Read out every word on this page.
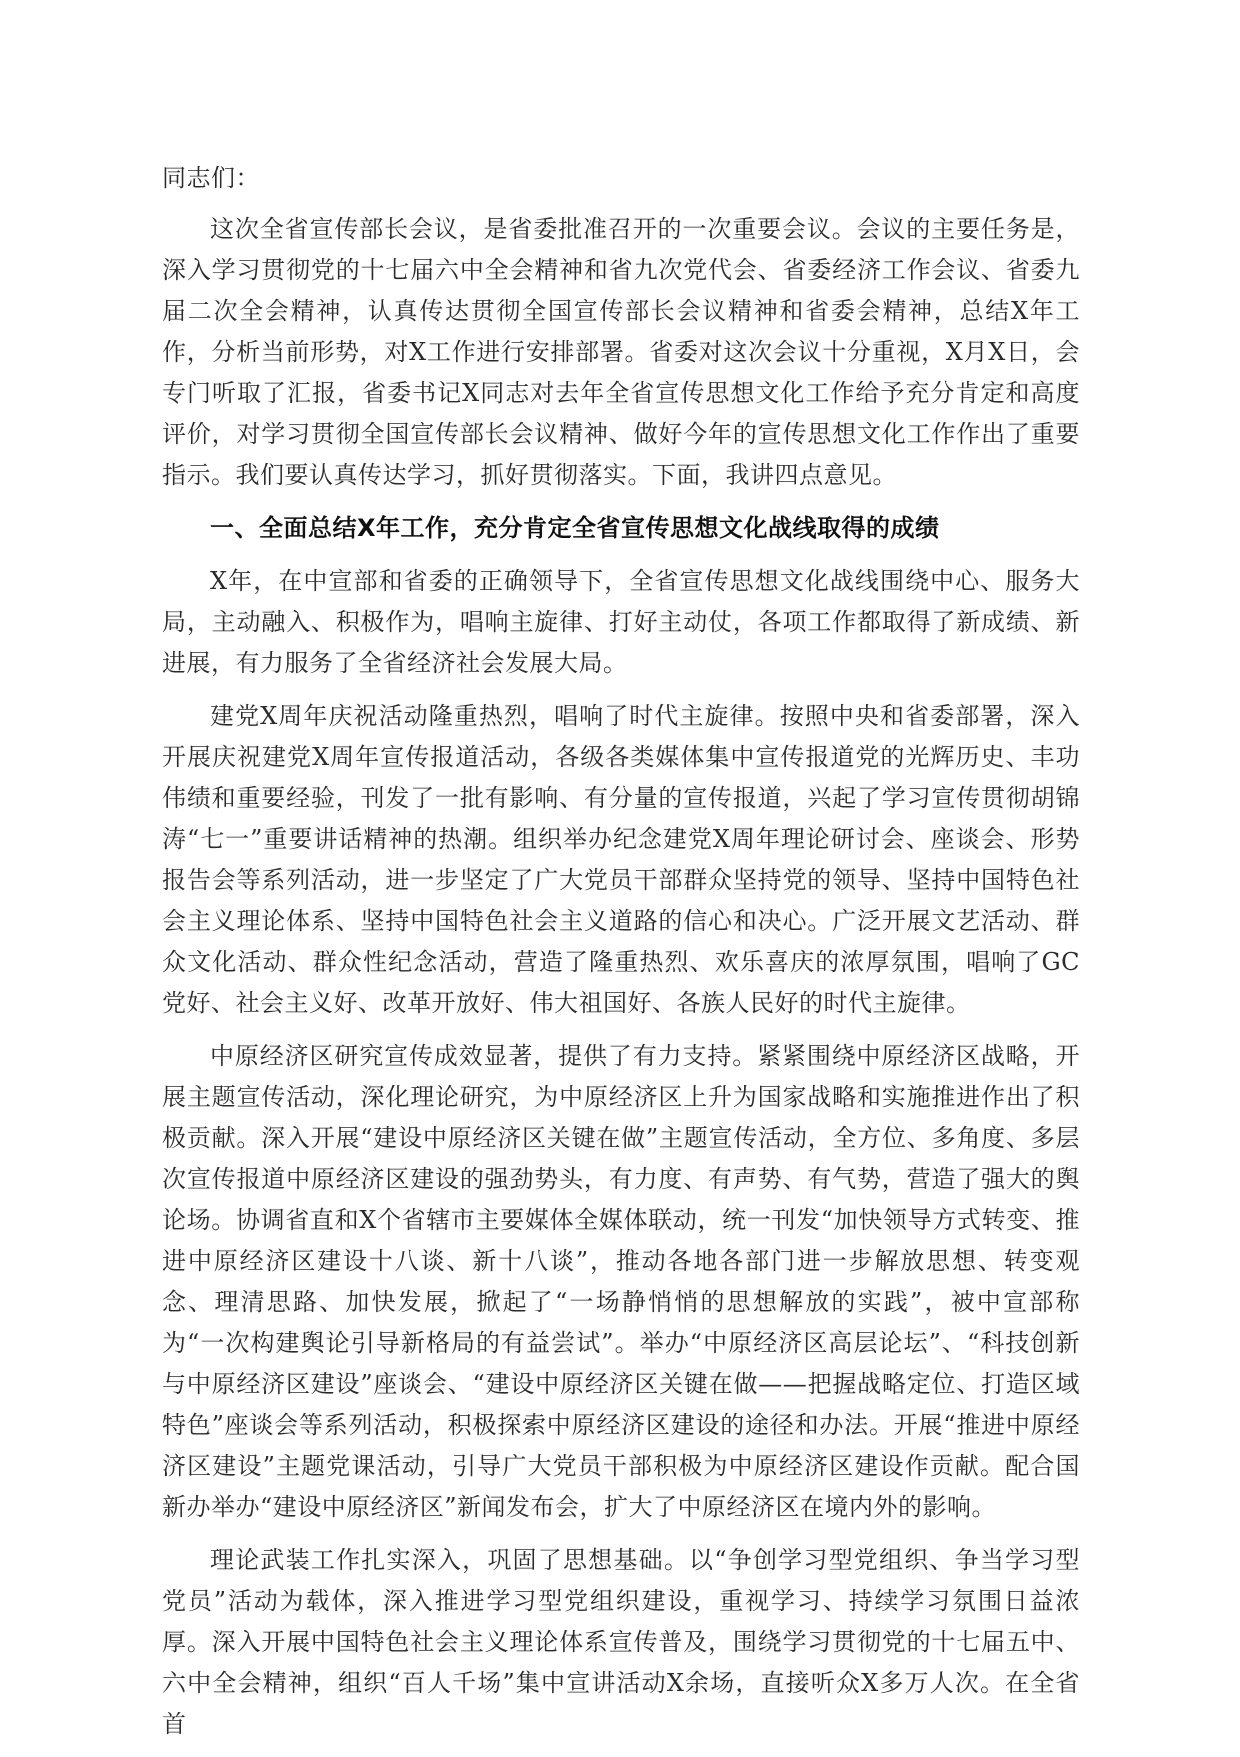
同志们：

这次全省宣传部长会议，是省委批准召开的一次重要会议。会议的主要任务是，深入学习贯彻党的十七届六中全会精神和省九次党代会、省委经济工作会议、省委九届二次全会精神，认真传达贯彻全国宣传部长会议精神和省委会精神，总结X年工作，分析当前形势，对X工作进行安排部署。省委对这次会议十分重视，X月X日，会专门听取了汇报，省委书记X同志对去年全省宣传思想文化工作给予充分肯定和高度评价，对学习贯彻全国宣传部长会议精神、做好今年的宣传思想文化工作作出了重要指示。我们要认真传达学习，抓好贯彻落实。下面，我讲四点意见。

一、全面总结X年工作，充分肯定全省宣传思想文化战线取得的成绩

X年，在中宣部和省委的正确领导下，全省宣传思想文化战线围绕中心、服务大局，主动融入、积极作为，唱响主旋律、打好主动仗，各项工作都取得了新成绩、新进展，有力服务了全省经济社会发展大局。

建党X周年庆祝活动隆重热烈，唱响了时代主旋律。按照中央和省委部署，深入开展庆祝建党X周年宣传报道活动，各级各类媒体集中宣传报道党的光辉历史、丰功伟绩和重要经验，刊发了一批有影响、有分量的宣传报道，兴起了学习宣传贯彻胡锦涛“七一”重要讲话精神的热潮。组织举办纪念建党X周年理论研讨会、座谈会、形势报告会等系列活动，进一步坚定了广大党员干部群众坚持党的领导、坚持中国特色社会主义理论体系、坚持中国特色社会主义道路的信心和决心。广泛开展文艺活动、群众文化活动、群众性纪念活动，营造了隆重热烈、欢乐喜庆的浓厚氛围，唱响了GC党好、社会主义好、改革开放好、伟大祖国好、各族人民好的时代主旋律。

中原经济区研究宣传成效显著，提供了有力支持。紧紧围绕中原经济区战略，开展主题宣传活动，深化理论研究，为中原经济区上升为国家战略和实施推进作出了积极贡献。深入开展“建设中原经济区关键在做”主题宣传活动，全方位、多角度、多层次宣传报道中原经济区建设的强劲势头，有力度、有声势、有气势，营造了强大的舆论场。协调省直和X个省辖市主要媒体全媒体联动，统一刊发“加快领导方式转变、推进中原经济区建设十八谈、新十八谈”，推动各地各部门进一步解放思想、转变观念、理清思路、加快发展，掀起了“一场静悄悄的思想解放的实践”，被中宣部称为“一次构建舆论引导新格局的有益尝试”。举办“中原经济区高层论坛”、“科技创新与中原经济区建设”座谈会、“建设中原经济区关键在做——把握战略定位、打造区域特色”座谈会等系列活动，积极探索中原经济区建设的途径和办法。开展“推进中原经济区建设”主题党课活动，引导广大党员干部积极为中原经济区建设作贡献。配合国新办举办“建设中原经济区”新闻发布会，扩大了中原经济区在境内外的影响。

理论武装工作扎实深入，巩固了思想基础。以“争创学习型党组织、争当学习型党员”活动为载体，深入推进学习型党组织建设，重视学习、持续学习氛围日益浓厚。深入开展中国特色社会主义理论体系宣传普及，围绕学习贯彻党的十七届五中、六中全会精神，组织“百人千场”集中宣讲活动X余场，直接听众X多万人次。在全省首
